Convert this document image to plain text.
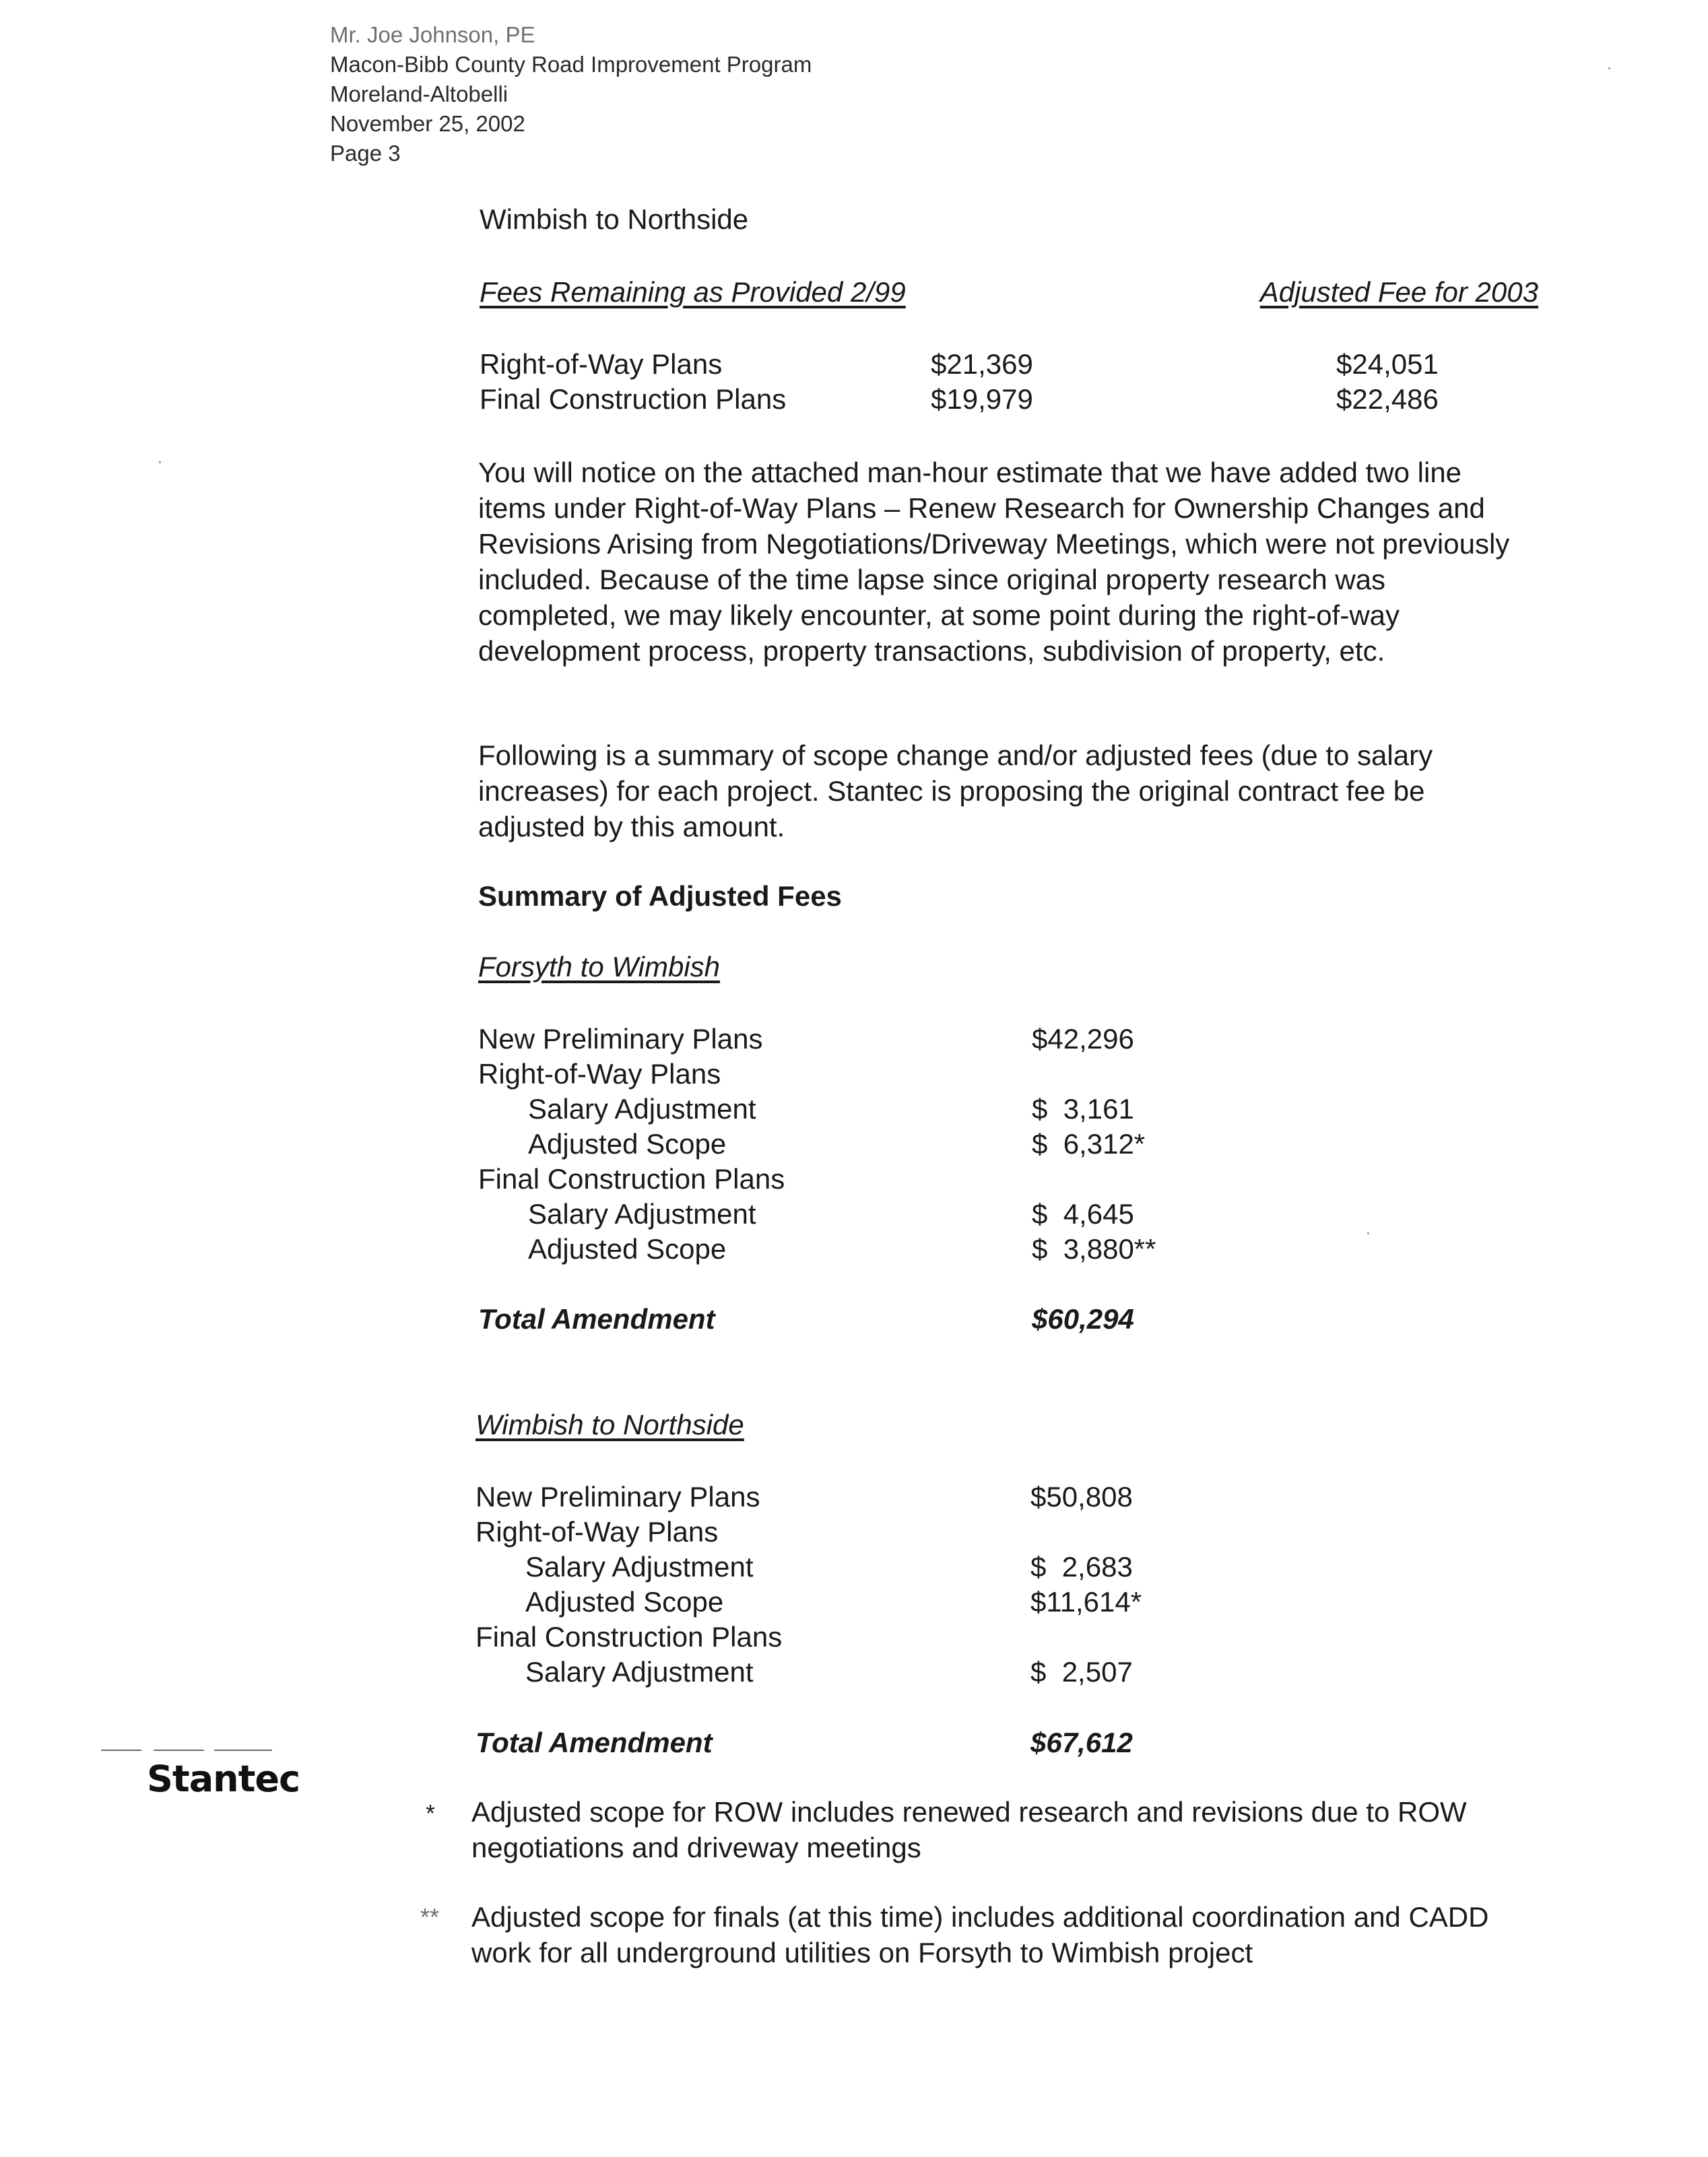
Mr. Joe Johnson, PE
Macon-Bibb County Road Improvement Program
Moreland-Altobelli
November 25, 2002
Page 3
Wimbish to Northside
Fees Remaining as Provided 2/99	Adjusted Fee for 2003
Right-of-Way Plans	$21,369	$24,051
Final Construction Plans	$19,979	$22,486

You will notice on the attached man-hour estimate that we have added two line items under Right-of-Way Plans – Renew Research for Ownership Changes and Revisions Arising from Negotiations/Driveway Meetings, which were not previously included. Because of the time lapse since original property research was completed, we may likely encounter, at some point during the right-of-way development process, property transactions, subdivision of property, etc.

Following is a summary of scope change and/or adjusted fees (due to salary increases) for each project. Stantec is proposing the original contract fee be adjusted by this amount.

Summary of Adjusted Fees
Forsyth to Wimbish
New Preliminary Plans	$42,296
Right-of-Way Plans
Salary Adjustment	$  3,161
Adjusted Scope	$  6,312*
Final Construction Plans
Salary Adjustment	$  4,645
Adjusted Scope	$  3,880**
Total Amendment	$60,294
Wimbish to Northside
New Preliminary Plans	$50,808
Right-of-Way Plans
Salary Adjustment	$  2,683
Adjusted Scope	$11,614*
Final Construction Plans
Salary Adjustment	$  2,507
Total Amendment	$67,612
Stantec
* Adjusted scope for ROW includes renewed research and revisions due to ROW negotiations and driveway meetings
** Adjusted scope for finals (at this time) includes additional coordination and CADD work for all underground utilities on Forsyth to Wimbish project
